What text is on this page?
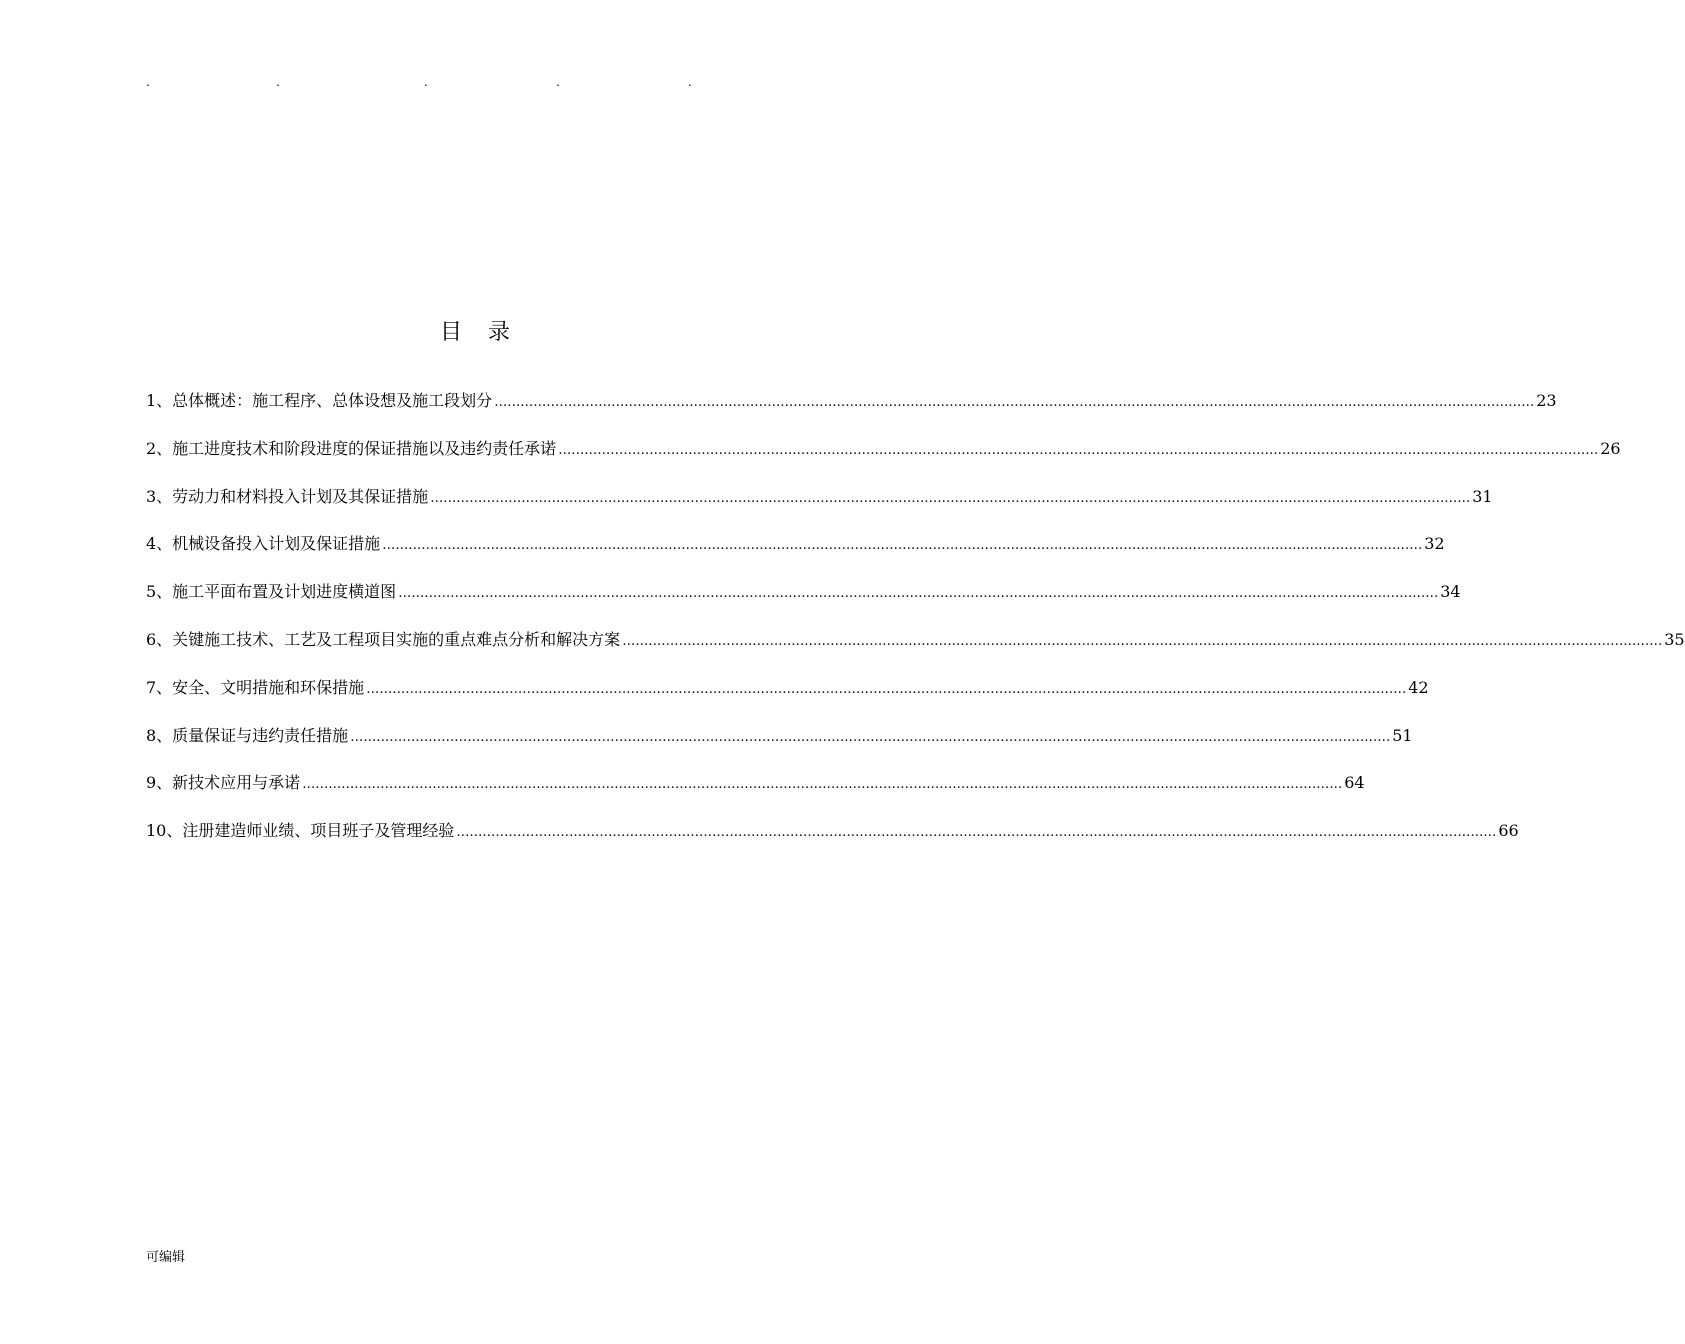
.	.	.	.	.
目录
1、总体概述：施工程序、总体设想及施工段划分 …………………………………………………………………………………………………………………………………………………………………………………………………………………… 23
2、施工进度技术和阶段进度的保证措施以及违约责任承诺 …………………………………………………………………………………………………………………………………………………………………………………………………………………… 26
3、劳动力和材料投入计划及其保证措施 …………………………………………………………………………………………………………………………………………………………………………………………………………………… 31
4、机械设备投入计划及保证措施 …………………………………………………………………………………………………………………………………………………………………………………………………………………… 32
5、施工平面布置及计划进度横道图 …………………………………………………………………………………………………………………………………………………………………………………………………………………… 34
6、关键施工技术、工艺及工程项目实施的重点难点分析和解决方案 …………………………………………………………………………………………………………………………………………………………………………………………………………………… 35
7、安全、文明措施和环保措施 …………………………………………………………………………………………………………………………………………………………………………………………………………………… 42
8、质量保证与违约责任措施 …………………………………………………………………………………………………………………………………………………………………………………………………………………… 51
9、新技术应用与承诺 …………………………………………………………………………………………………………………………………………………………………………………………………………………… 64
10、注册建造师业绩、项目班子及管理经验 …………………………………………………………………………………………………………………………………………………………………………………………………………………… 66
可编辑
